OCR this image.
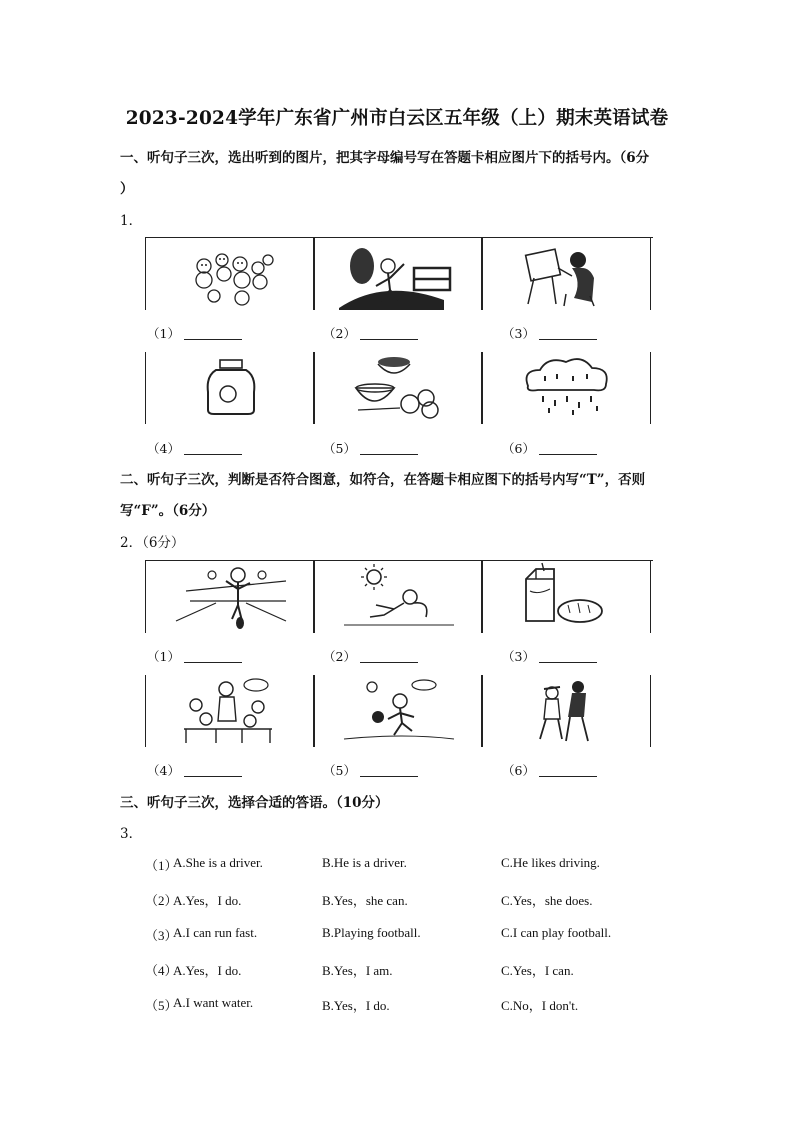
2023-2024学年广东省广州市白云区五年级（上）期末英语试卷
一、听句子三次，选出听到的图片，把其字母编号写在答题卡相应图片下的括号内。（6分
）
1．
（1）	（2）	（3）
（4）	（5）	（6）
二、听句子三次，判断是否符合图意，如符合，在答题卡相应图下的括号内写“T”，否则
写“F”。（6分）
2．（6分）
（1）	（2）	（3）
（4）	（5）	（6）
三、听句子三次，选择合适的答语。（10分）
3．
（1）
A.She is a driver.	B.He is a driver.	C.He likes driving.
（2）
A.Yes，I do.	B.Yes，she can.	C.Yes，she does.
（3）
A.I can run fast.	B.Playing football.	C.I can play football.
（4）
A.Yes，I do.	B.Yes，I am.	C.Yes，I can.
（5）
A.I want water.	B.Yes，I do.	C.No，I don't.
